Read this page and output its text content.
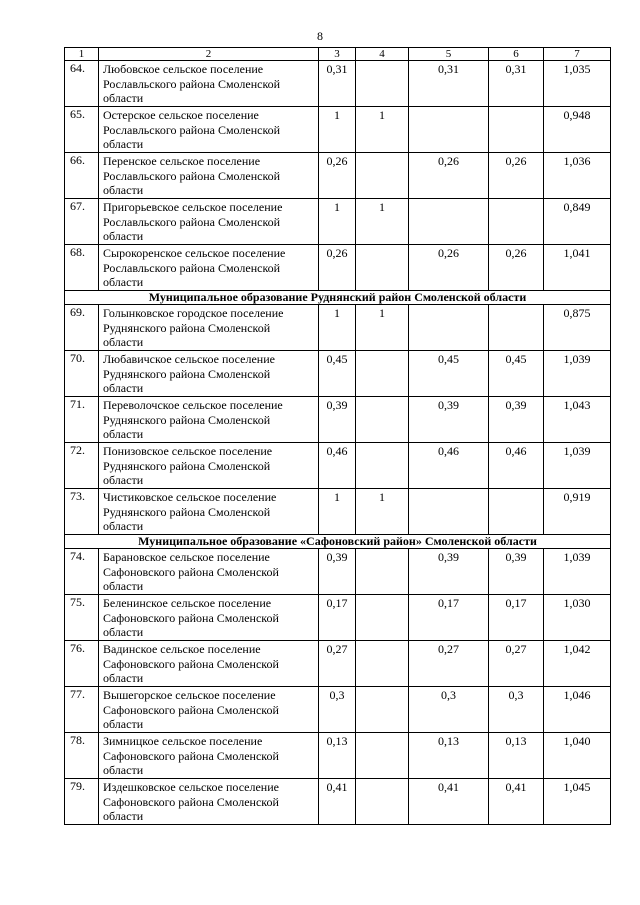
8
1	2	3	4	5	6	7
64.	Любовское сельское поселение
Рославльского района Смоленской
области	0,31		0,31	0,31	1,035
65.	Остерское сельское поселение
Рославльского района Смоленской
области	1	1			0,948
66.	Перенское сельское поселение
Рославльского района Смоленской
области	0,26		0,26	0,26	1,036
67.	Пригорьевское сельское поселение
Рославльского района Смоленской
области	1	1			0,849
68.	Сырокоренское сельское поселение
Рославльского района Смоленской
области	0,26		0,26	0,26	1,041
Муниципальное образование Руднянский район Смоленской области						
69.	Голынковское городское поселение
Руднянского района Смоленской
области	1	1			0,875
70.	Любавичское сельское поселение
Руднянского района Смоленской
области	0,45		0,45	0,45	1,039
71.	Переволочское сельское поселение
Руднянского района Смоленской
области	0,39		0,39	0,39	1,043
72.	Понизовское сельское поселение
Руднянского района Смоленской
области	0,46		0,46	0,46	1,039
73.	Чистиковское сельское поселение
Руднянского района Смоленской
области	1	1			0,919
Муниципальное образование «Сафоновский район» Смоленской области						
74.	Барановское сельское поселение
Сафоновского района Смоленской
области	0,39		0,39	0,39	1,039
75.	Беленинское сельское поселение
Сафоновского района Смоленской
области	0,17		0,17	0,17	1,030
76.	Вадинское сельское поселение
Сафоновского района Смоленской
области	0,27		0,27	0,27	1,042
77.	Вышегорское сельское поселение
Сафоновского района Смоленской
области	0,3		0,3	0,3	1,046
78.	Зимницкое сельское поселение
Сафоновского района Смоленской
области	0,13		0,13	0,13	1,040
79.	Издешковское сельское поселение
Сафоновского района Смоленской
области	0,41		0,41	0,41	1,045
